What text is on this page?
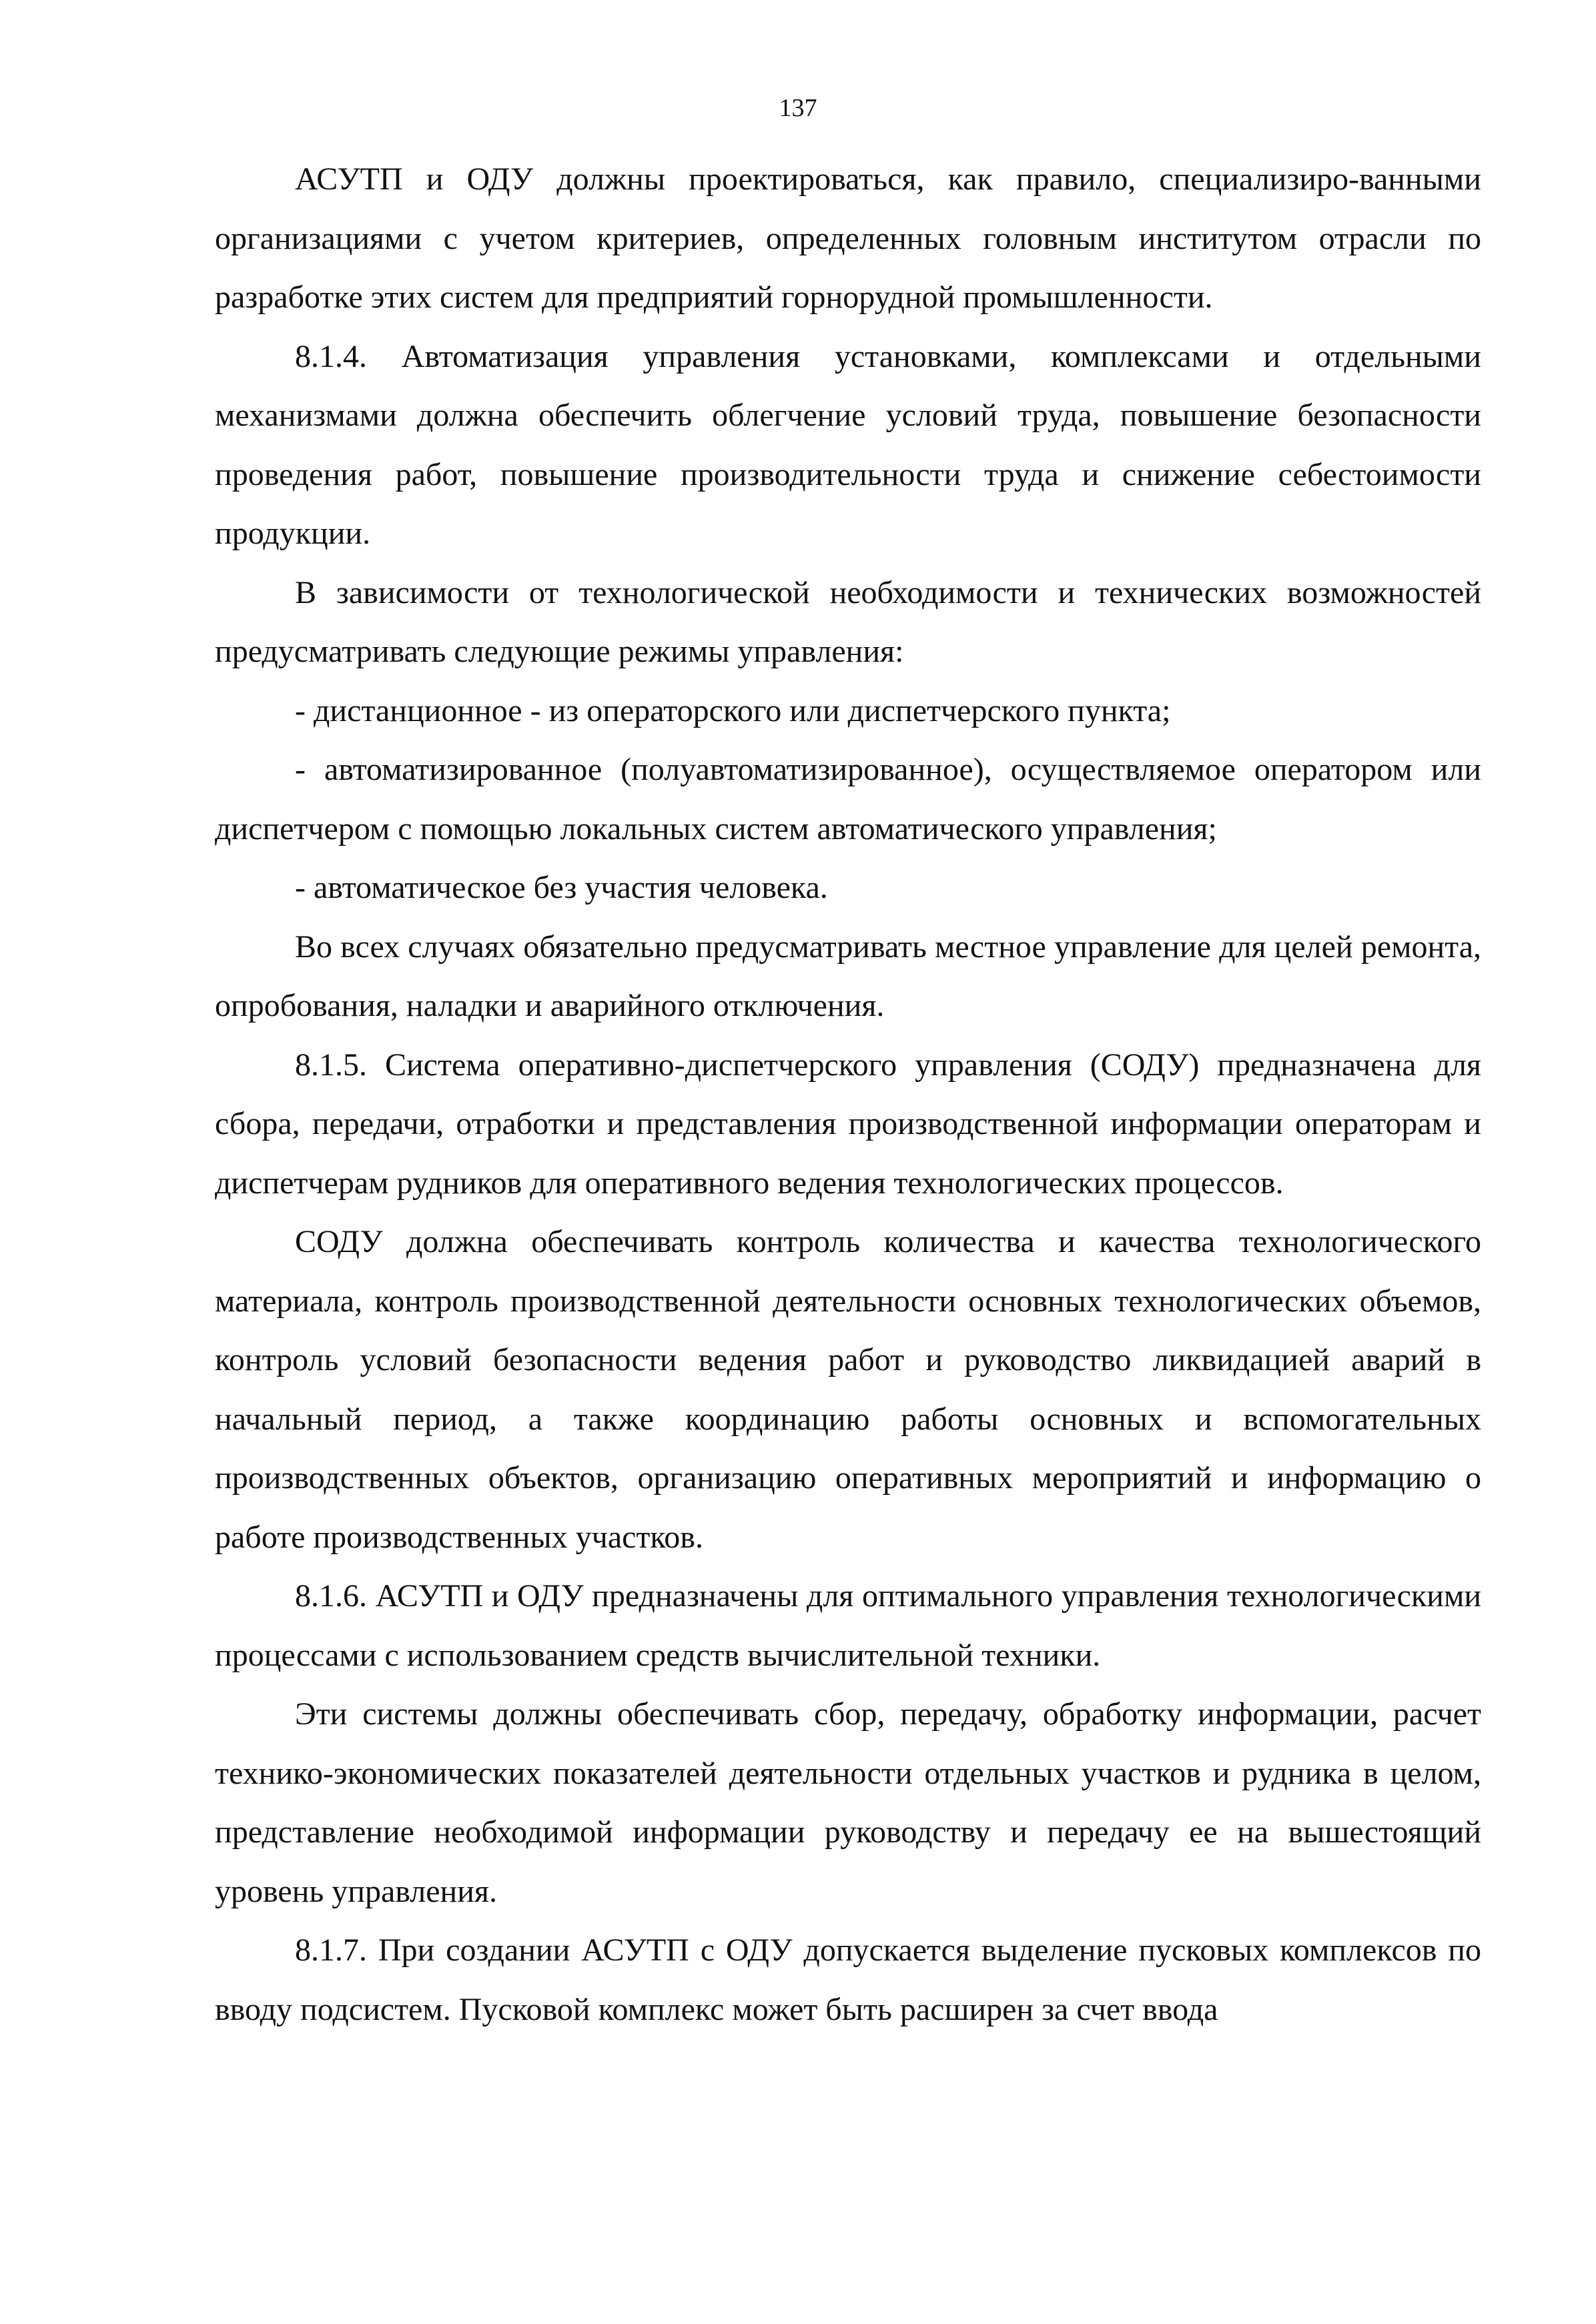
137

АСУТП и ОДУ должны проектироваться, как правило, специализиро-ванными организациями с учетом критериев, определенных головным институтом отрасли по разработке этих систем для предприятий горнорудной промышленности.

8.1.4. Автоматизация управления установками, комплексами и отдельными механизмами должна обеспечить облегчение условий труда, повышение безопасности проведения работ, повышение производительности труда и снижение себестоимости продукции.

В зависимости от технологической необходимости и технических возможностей предусматривать следующие режимы управления:

- дистанционное - из операторского или диспетчерского пункта;

- автоматизированное (полуавтоматизированное), осуществляемое оператором или диспетчером с помощью локальных систем автоматического управления;

- автоматическое без участия человека.

Во всех случаях обязательно предусматривать местное управление для целей ремонта, опробования, наладки и аварийного отключения.

8.1.5. Система оперативно-диспетчерского управления (СОДУ) предназначена для сбора, передачи, отработки и представления производственной информации операторам и диспетчерам рудников для оперативного ведения технологических процессов.

СОДУ должна обеспечивать контроль количества и качества технологического материала, контроль производственной деятельности основных технологических объемов, контроль условий безопасности ведения работ и руководство ликвидацией аварий в начальный период, а также координацию работы основных и вспомогательных производственных объектов, организацию оперативных мероприятий и информацию о работе производственных участков.

8.1.6. АСУТП и ОДУ предназначены для оптимального управления технологическими процессами с использованием средств вычислительной техники.

Эти системы должны обеспечивать сбор, передачу, обработку информации, расчет технико-экономических показателей деятельности отдельных участков и рудника в целом, представление необходимой информации руководству и передачу ее на вышестоящий уровень управления.

8.1.7. При создании АСУТП с ОДУ допускается выделение пусковых комплексов по вводу подсистем. Пусковой комплекс может быть расширен за счет ввода
